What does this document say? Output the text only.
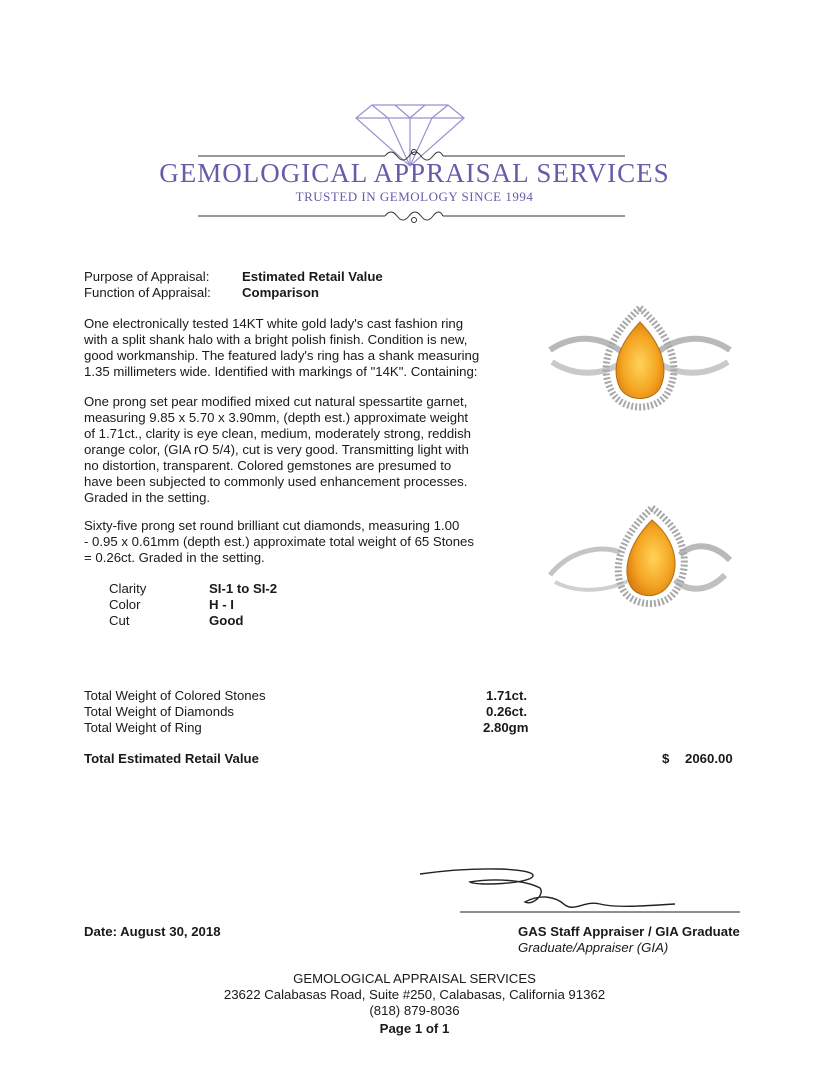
GEMOLOGICAL APPRAISAL SERVICES
TRUSTED IN GEMOLOGY SINCE 1994
Purpose of Appraisal: Estimated Retail Value
Function of Appraisal: Comparison
One electronically tested 14KT white gold lady's cast fashion ring
with a split shank halo with a bright polish finish. Condition is new,
good workmanship. The featured lady's ring has a shank measuring
1.35 millimeters wide. Identified with markings of "14K". Containing:
One prong set pear modified mixed cut natural spessartite garnet,
measuring 9.85 x 5.70 x 3.90mm, (depth est.) approximate weight
of 1.71ct., clarity is eye clean, medium, moderately strong, reddish
orange color, (GIA rO 5/4), cut is very good. Transmitting light with
no distortion, transparent. Colored gemstones are presumed to
have been subjected to commonly used enhancement processes.
Graded in the setting.
Sixty-five prong set round brilliant cut diamonds, measuring 1.00
- 0.95 x 0.61mm (depth est.) approximate total weight of 65 Stones
= 0.26ct. Graded in the setting.
Clarity	SI-1 to SI-2
Color	H - I
Cut	Good
Total Weight of Colored Stones	1.71ct.
Total Weight of Diamonds	0.26ct.
Total Weight of Ring	2.80gm
Total Estimated Retail Value	$ 2060.00
Date: August 30, 2018	GAS Staff Appraiser / GIA Graduate
Graduate/Appraiser (GIA)
GEMOLOGICAL APPRAISAL SERVICES
23622 Calabasas Road, Suite #250, Calabasas, California 91362
(818) 879-8036
Page 1 of 1
